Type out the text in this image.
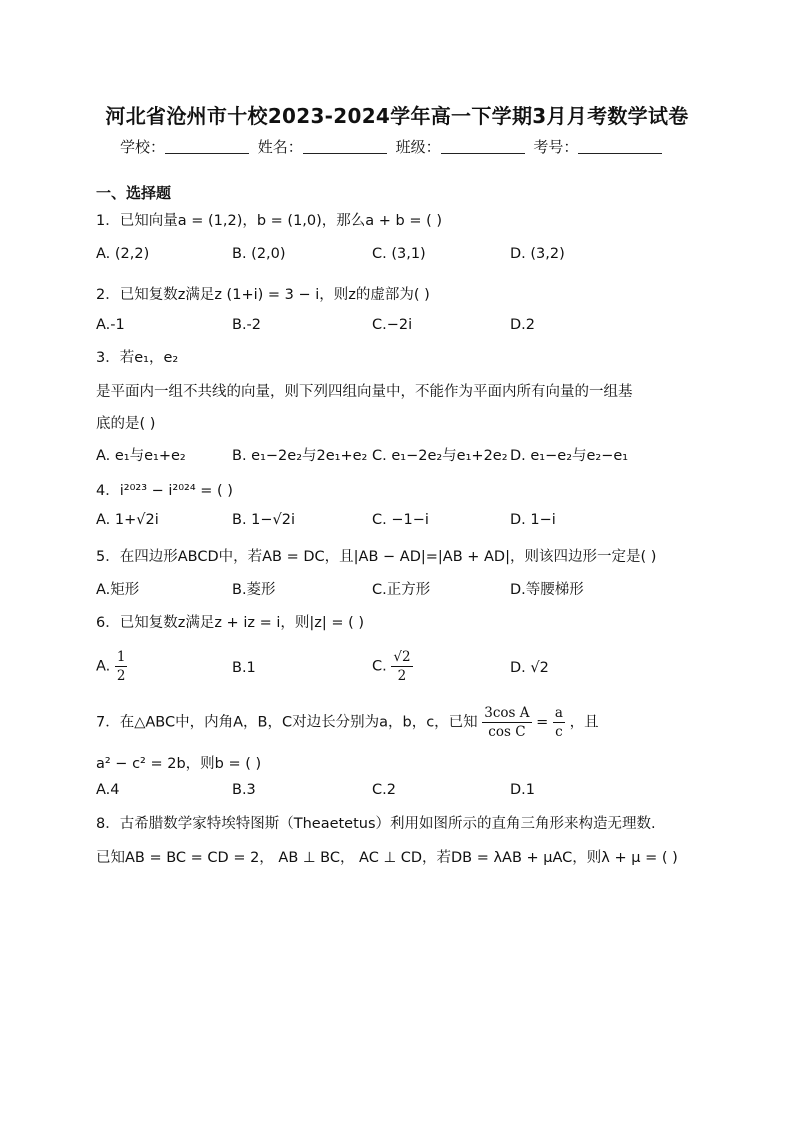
河北省沧州市十校2023-2024学年高一下学期3月月考数学试卷
学校：	姓名：	班级：	考号：
一、选择题
1．已知向量a = (1,2)，b = (1,0)，那么a + b = ( )
A. (2,2)	B. (2,0)	C. (3,1)	D. (3,2)
2．已知复数z满足z (1+i) = 3 − i，则z的虚部为( )
A.-1	B.-2	C.−2i	D.2
3．若e₁，e₂
是平面内一组不共线的向量，则下列四组向量中，不能作为平面内所有向量的一组基
底的是( )
A. e₁与e₁+e₂	B. e₁−2e₂与2e₁+e₂ C. e₁−2e₂与e₁+2e₂ D. e₁−e₂与e₂−e₁
4．i²⁰²³ − i²⁰²⁴ = ( )
A. 1+√2i	B. 1−√2i	C. −1−i	D. 1−i
5．在四边形ABCD中，若AB = DC，且|AB − AD|=|AB + AD|，则该四边形一定是( )
A.矩形	B.菱形	C.正方形	D.等腰梯形
6．已知复数z满足z + iz = i，则|z| = ( )
A. $\frac{1}{2}$	B.1	C. $\frac{√2}{2}$	D. √2
7．在△ABC中，内角A，B，C对边长分别为a，b，c，已知 $\frac{\text{3cos A}}{\text{cos C}} = \frac{a}{c}$ ，且
a² − c² = 2b，则b = ( )
A.4	B.3	C.2	D.1
8．古希腊数学家特埃特图斯（Theaetetus）利用如图所示的直角三角形来构造无理数.
已知AB = BC = CD = 2， AB ⊥ BC， AC ⊥ CD，若DB = λAB + μAC，则λ + μ = ( )
